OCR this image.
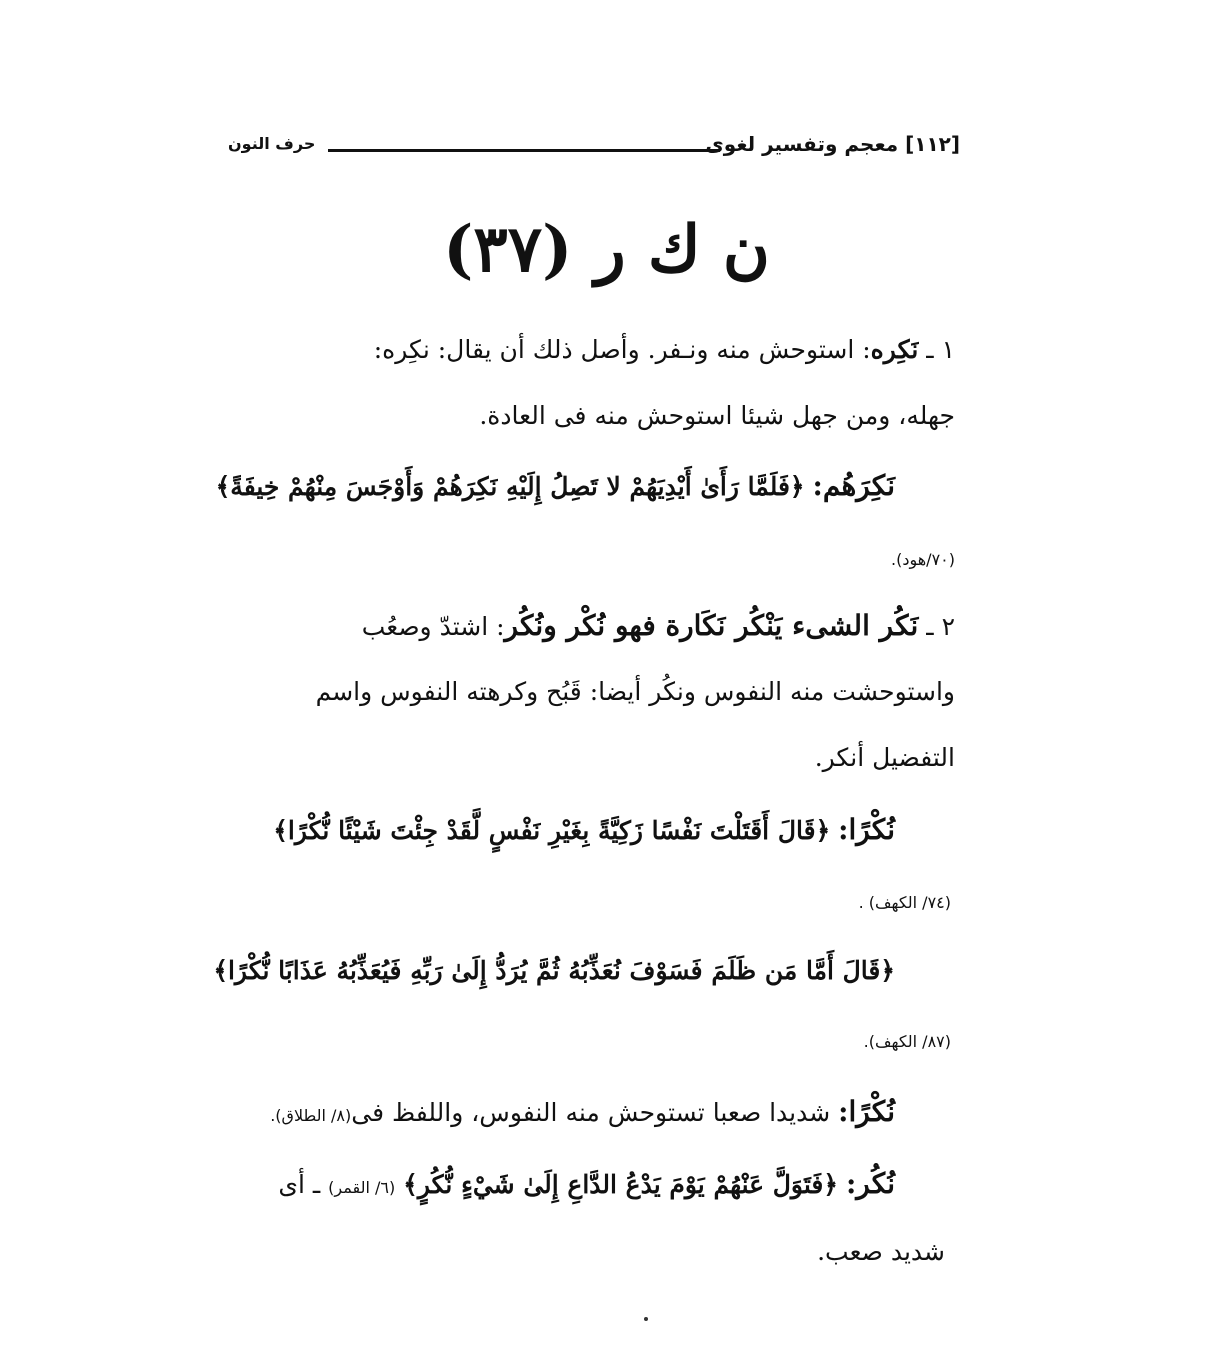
[١١٢] معجم وتفسير لغوى
حرف النون
ن ك ر (٣٧)
١ ـ نَكِره: استوحش منه ونـفر. وأصل ذلك أن يقال: نكِره:
جهله، ومن جهل شيئا استوحش منه فى العادة.
نَكِرَهُم: ﴿فَلَمَّا رَأَىٰ أَيْدِيَهُمْ لا تَصِلُ إِلَيْهِ نَكِرَهُمْ وَأَوْجَسَ مِنْهُمْ خِيفَةً﴾
(٧٠/هود).
٢ ـ نَكُر الشىء يَنْكُر نَكَارة فهو نُكْر ونُكُر: اشتدّ وصعُب
واستوحشت منه النفوس ونكُر أيضا: قَبُح وكرهته النفوس واسم
التفضيل أنكر.
نُكْرًا: ﴿قَالَ أَقَتَلْتَ نَفْسًا زَكِيَّةً بِغَيْرِ نَفْسٍ لَّقَدْ جِئْتَ شَيْئًا نُّكْرًا﴾
(٧٤/ الكهف) .
﴿قَالَ أَمَّا مَن ظَلَمَ فَسَوْفَ نُعَذِّبُهُ ثُمَّ يُرَدُّ إِلَىٰ رَبِّهِ فَيُعَذِّبُهُ عَذَابًا نُّكْرًا﴾
(٨٧/ الكهف).
نُكْرًا: شديدا صعبا تستوحش منه النفوس، واللفظ فى(٨/ الطلاق).
نُكُر: ﴿فَتَوَلَّ عَنْهُمْ يَوْمَ يَدْعُ الدَّاعِ إِلَىٰ شَيْءٍ نُّكُرٍ﴾ (٦/ القمر) ـ أى
شديد صعب.
